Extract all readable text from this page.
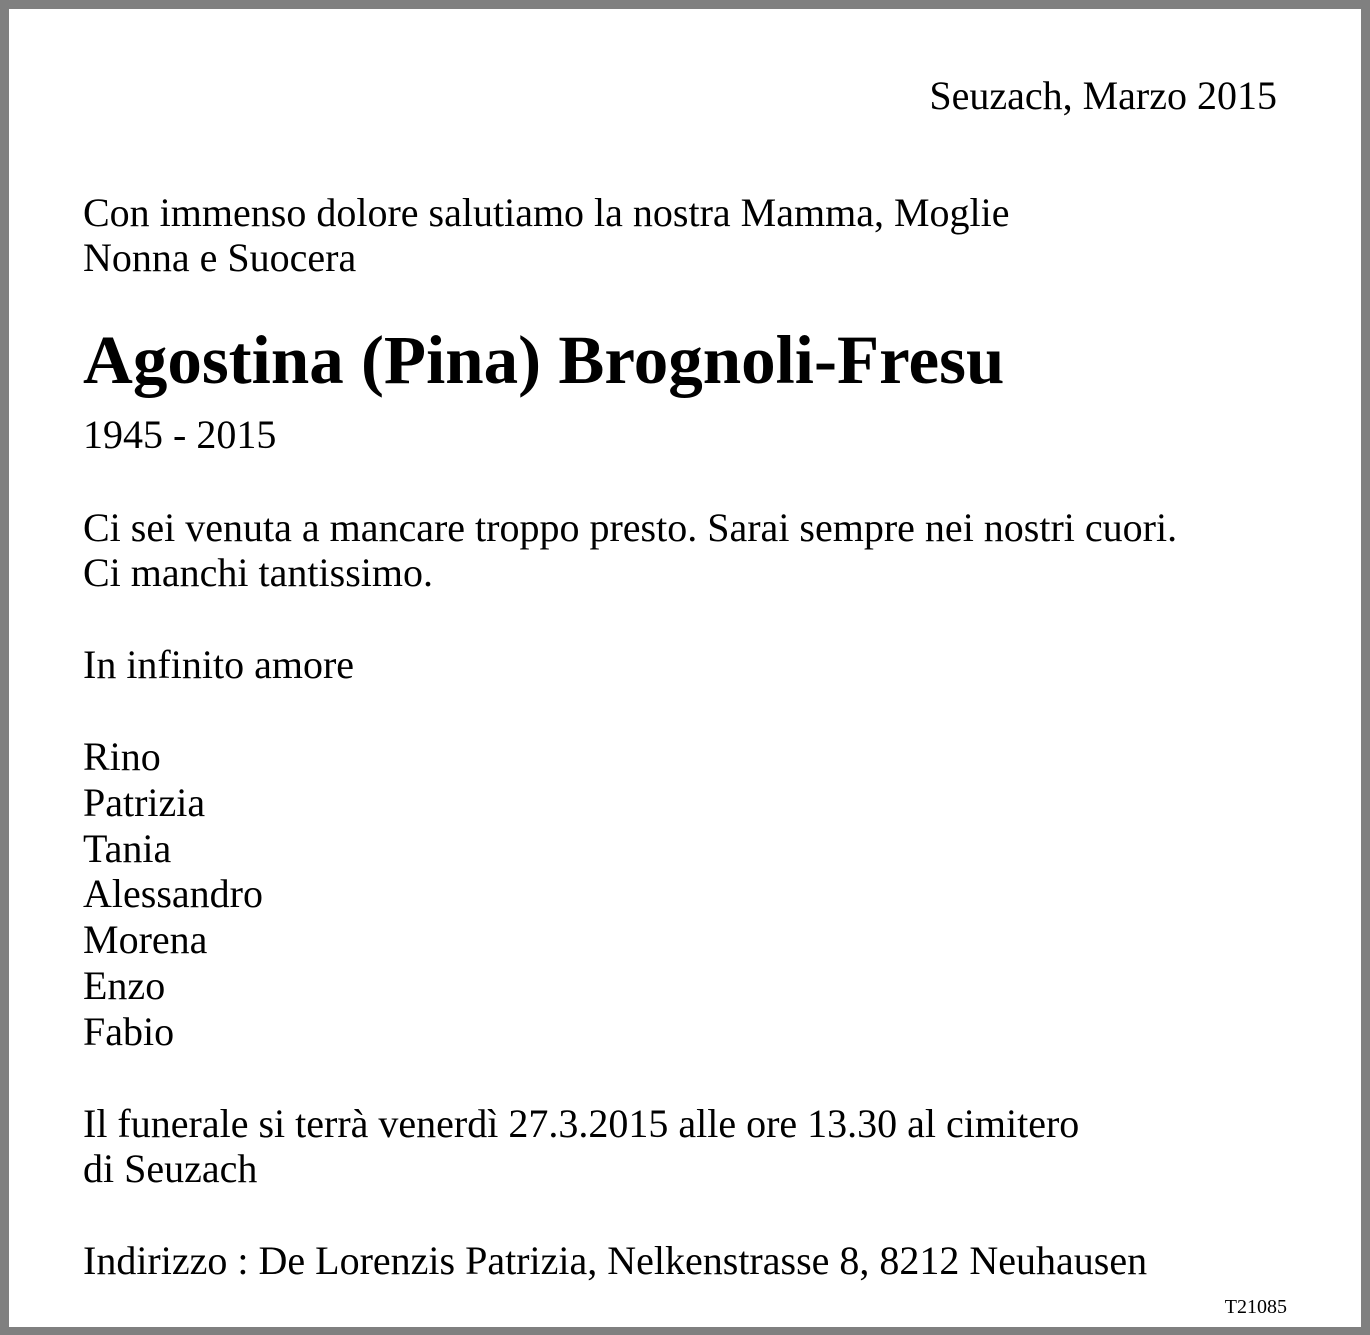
Seuzach, Marzo 2015
Con immenso dolore salutiamo la nostra Mamma, Moglie
Nonna e Suocera
Agostina (Pina) Brognoli-Fresu
1945 - 2015
Ci sei venuta a mancare troppo presto. Sarai sempre nei nostri cuori.
Ci manchi tantissimo.
In infinito amore
Rino
Patrizia
Tania
Alessandro
Morena
Enzo
Fabio
Il funerale si terrà venerdì 27.3.2015 alle ore 13.30 al cimitero
di Seuzach
Indirizzo : De Lorenzis Patrizia, Nelkenstrasse 8, 8212 Neuhausen
T21085
